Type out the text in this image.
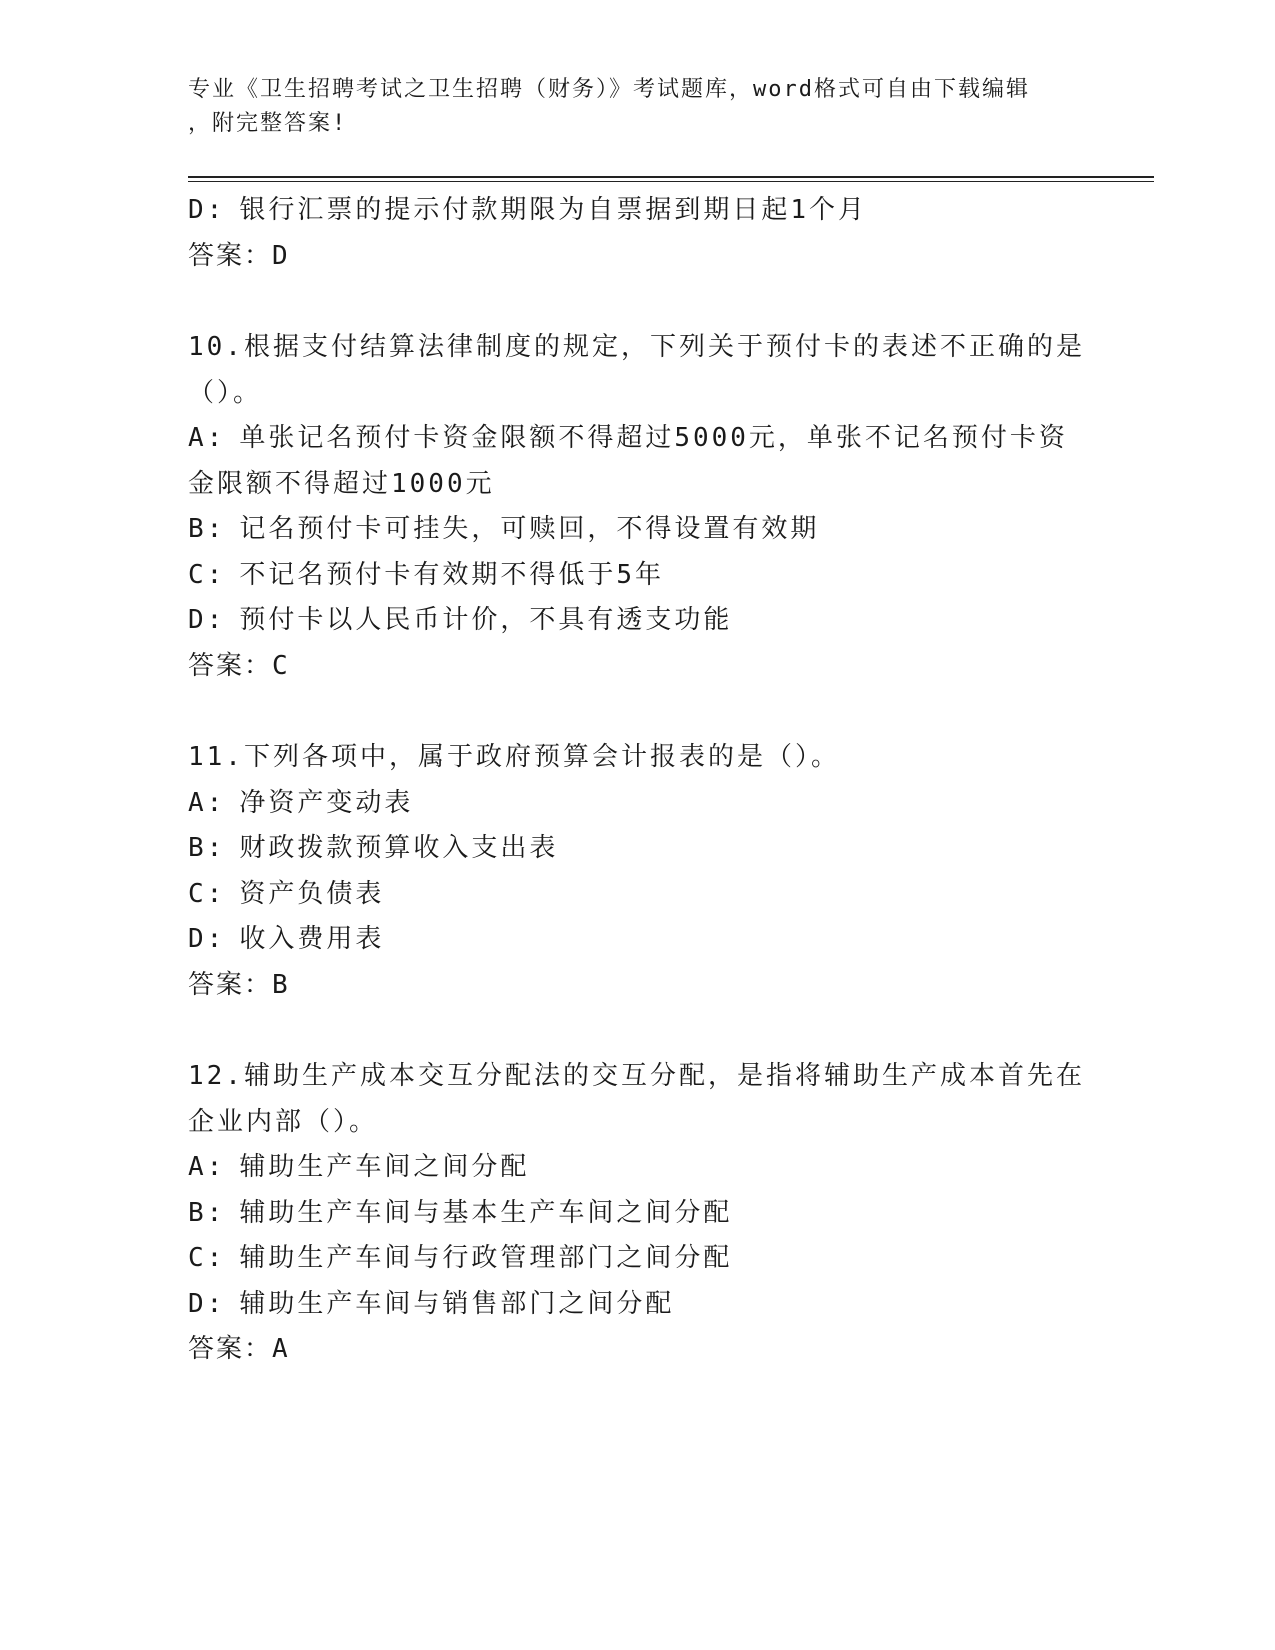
专业《卫生招聘考试之卫生招聘（财务）》考试题库，word格式可自由下载编辑
，附完整答案!
D: 银行汇票的提示付款期限为自票据到期日起1个月
答案：D
10.根据支付结算法律制度的规定，下列关于预付卡的表述不正确的是
（）。
A: 单张记名预付卡资金限额不得超过5000元，单张不记名预付卡资
金限额不得超过1000元
B: 记名预付卡可挂失，可赎回，不得设置有效期
C: 不记名预付卡有效期不得低于5年
D: 预付卡以人民币计价，不具有透支功能
答案：C
11.下列各项中，属于政府预算会计报表的是（）。
A: 净资产变动表
B: 财政拨款预算收入支出表
C: 资产负债表
D: 收入费用表
答案：B
12.辅助生产成本交互分配法的交互分配，是指将辅助生产成本首先在
企业内部（）。
A: 辅助生产车间之间分配
B: 辅助生产车间与基本生产车间之间分配
C: 辅助生产车间与行政管理部门之间分配
D: 辅助生产车间与销售部门之间分配
答案：A
